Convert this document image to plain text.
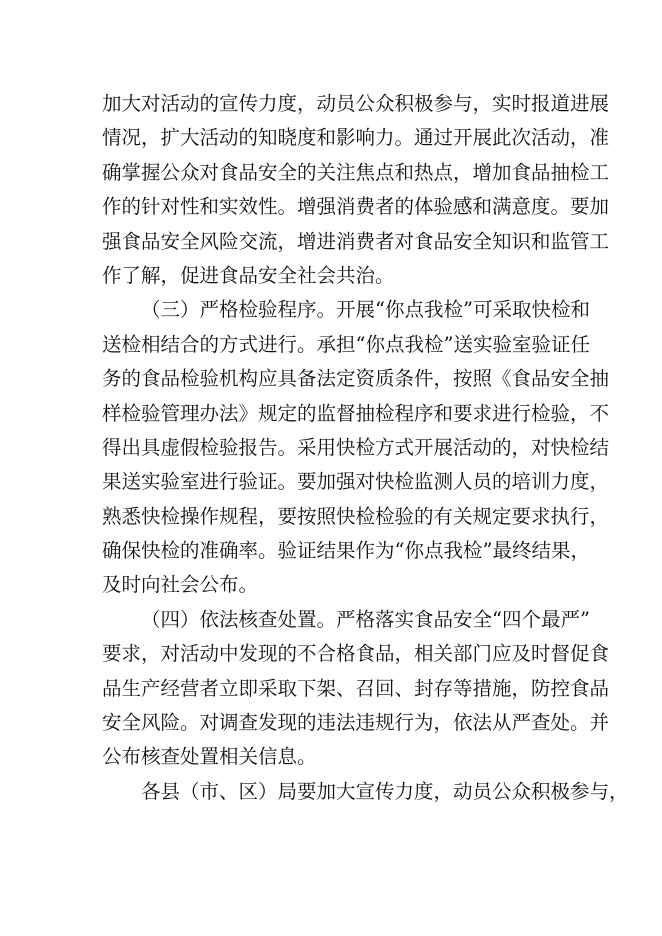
加大对活动的宣传力度，动员公众积极参与，实时报道进展
情况，扩大活动的知晓度和影响力。通过开展此次活动，准
确掌握公众对食品安全的关注焦点和热点，增加食品抽检工
作的针对性和实效性。增强消费者的体验感和满意度。要加
强食品安全风险交流，增进消费者对食品安全知识和监管工
作了解，促进食品安全社会共治。
（三）严格检验程序。开展“你点我检”可采取快检和
送检相结合的方式进行。承担“你点我检”送实验室验证任
务的食品检验机构应具备法定资质条件，按照《食品安全抽
样检验管理办法》规定的监督抽检程序和要求进行检验，不
得出具虚假检验报告。采用快检方式开展活动的，对快检结
果送实验室进行验证。要加强对快检监测人员的培训力度，
熟悉快检操作规程，要按照快检检验的有关规定要求执行，
确保快检的准确率。验证结果作为“你点我检”最终结果，
及时向社会公布。
（四）依法核查处置。严格落实食品安全“四个最严”
要求，对活动中发现的不合格食品，相关部门应及时督促食
品生产经营者立即采取下架、召回、封存等措施，防控食品
安全风险。对调查发现的违法违规行为，依法从严查处。并
公布核查处置相关信息。
各县（市、区）局要加大宣传力度，动员公众积极参与，
